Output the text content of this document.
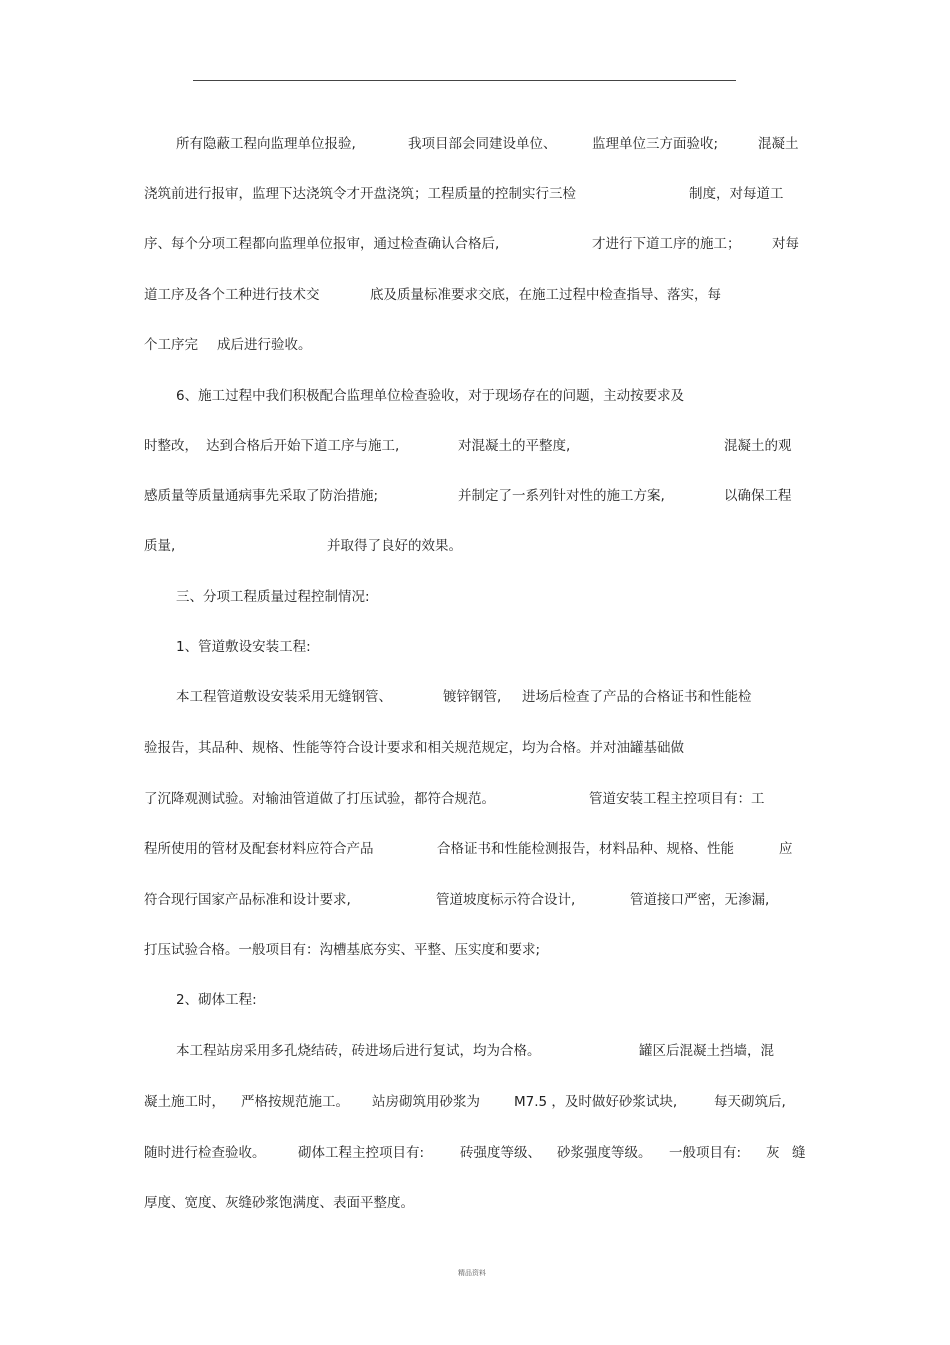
所有隐蔽工程向监理单位报验,	我项目部会同建设单位、	监理单位三方面验收;	混凝土
浇筑前进行报审，监理下达浇筑令才开盘浇筑；工程质量的控制实行三检	制度，对每道工
序、每个分项工程都向监理单位报审，通过检查确认合格后,	才进行下道工序的施工； 对每
道工序及各个工种进行技术交	底及质量标准要求交底，在施工过程中检查指导、落实，每
个工序完 成后进行验收。
6、施工过程中我们积极配合监理单位检查验收，对于现场存在的问题，主动按要求及
时整改， 达到合格后开始下道工序与施工,	对混凝土的平整度,	混凝土的观
感质量等质量通病事先采取了防治措施;	并制定了一系列针对性的施工方案,	以确保工程
质量,	并取得了良好的效果。
三、分项工程质量过程控制情况:
1、管道敷设安装工程:
本工程管道敷设安装采用无缝钢管、	镀锌钢管, 进场后检查了产品的合格证书和性能检
验报告，其品种、规格、性能等符合设计要求和相关规范规定，均为合格。并对油罐基础做
了沉降观测试验。对输油管道做了打压试验，都符合规范。	管道安装工程主控项目有：工
程所使用的管材及配套材料应符合产品	合格证书和性能检测报告，材料品种、规格、性能	应
符合现行国家产品标准和设计要求,	管道坡度标示符合设计,	管道接口严密，无渗漏,
打压试验合格。一般项目有：沟槽基底夯实、平整、压实度和要求;
2、砌体工程:
本工程站房采用多孔烧结砖，砖进场后进行复试，均为合格。	罐区后混凝土挡墙，混
凝土施工时， 严格按规范施工。 站房砌筑用砂浆为	M7.5 ，及时做好砂浆试块,	每天砌筑后,
随时进行检查验收。 砌体工程主控项目有:	砖强度等级、 砂浆强度等级。 一般项目有: 灰 缝
厚度、宽度、灰缝砂浆饱满度、表面平整度。
精品资料
